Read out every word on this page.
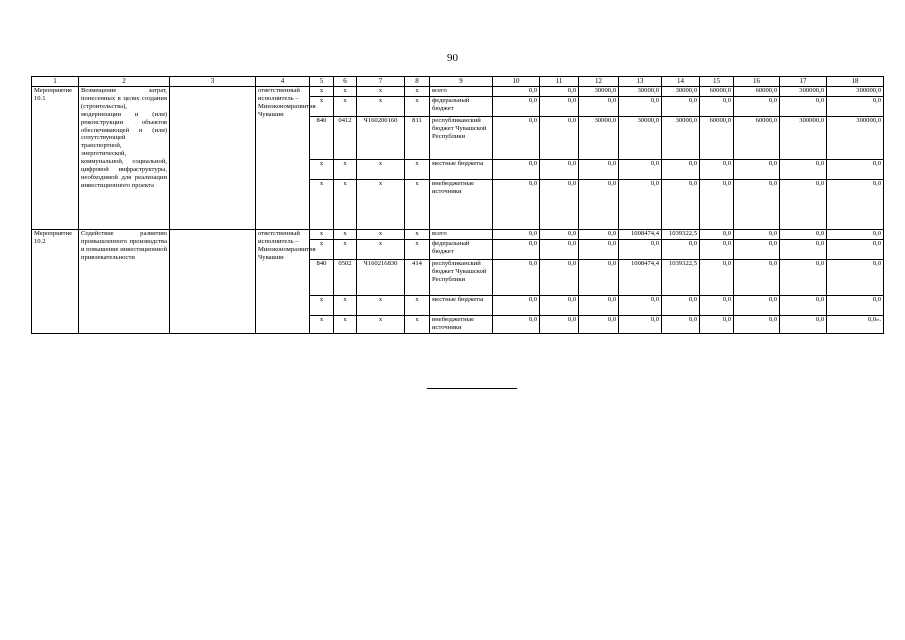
90
1	2	3	4	5	6	7	8	9	10	11	12	13	14	15	16	17	18
Мероприятие 10.1	Возмещение затрат, понесенных в целях создания (строительства), модернизации и (или) реконструкции объектов обеспечивающей и (или) сопутствующей транспортной, энергетической, коммунальной, социальной, цифровой инфраструктуры, необходимой для реализации инвестиционного проекта		ответственный исполнитель – Минэкономразвития Чувашии	x	x	x	x	всего	0,0	0,0	30000,0	30000,0	30000,0	60000,0	60000,0	300000,0	300000,0
				x	x	x	x	федеральный бюджет	0,0	0,0	0,0	0,0	0,0	0,0	0,0	0,0	0,0
				840	0412	Ч160200160	811	республиканский бюджет Чувашской Республики	0,0	0,0	30000,0	30000,0	30000,0	60000,0	60000,0	300000,0	300000,0
				x	x	x	x	местные бюджеты	0,0	0,0	0,0	0,0	0,0	0,0	0,0	0,0	0,0
				x	x	x	x	внебюджетные источники	0,0	0,0	0,0	0,0	0,0	0,0	0,0	0,0	0,0
Мероприятие 10.2	Содействие развитию промышленного производства и повышение инвестиционной привлекательности		ответственный исполнитель – Минэкономразвития Чувашии	x	x	x	x	всего	0,0	0,0	0,0	1008474,4	1039322,5	0,0	0,0	0,0	0,0
				x	x	x	x	федеральный бюджет	0,0	0,0	0,0	0,0	0,0	0,0	0,0	0,0	0,0
				840	0502	Ч160216830	414	республиканский бюджет Чувашской Республики	0,0	0,0	0,0	1008474,4	1039322,5	0,0	0,0	0,0	0,0
				x	x	x	x	местные бюджеты	0,0	0,0	0,0	0,0	0,0	0,0	0,0	0,0	0,0
				x	x	x	x	внебюджетные источники	0,0	0,0	0,0	0,0	0,0	0,0	0,0	0,0	0,0».
